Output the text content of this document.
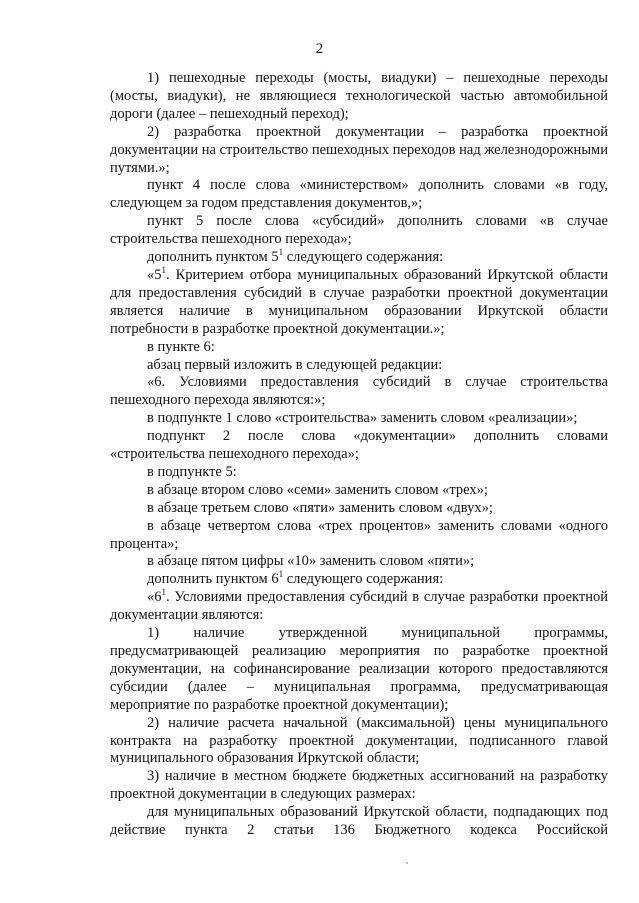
2

1) пешеходные переходы (мосты, виадуки) – пешеходные переходы (мосты, виадуки), не являющиеся технологической частью автомобильной дороги (далее – пешеходный переход);

2) разработка проектной документации – разработка проектной документации на строительство пешеходных переходов над железнодорожными путями.»;

пункт 4 после слова «министерством» дополнить словами «в году, следующем за годом представления документов,»;

пункт 5 после слова «субсидий» дополнить словами «в случае строительства пешеходного перехода»;

дополнить пунктом $5^1$ следующего содержания:

«$5^1$. Критерием отбора муниципальных образований Иркутской области для предоставления субсидий в случае разработки проектной документации является наличие в муниципальном образовании Иркутской области потребности в разработке проектной документации.»;

в пункте 6:

абзац первый изложить в следующей редакции:

«6. Условиями предоставления субсидий в случае строительства пешеходного перехода являются:»;

в подпункте 1 слово «строительства» заменить словом «реализации»;

подпункт 2 после слова «документации» дополнить словами «строительства пешеходного перехода»;

в подпункте 5:

в абзаце втором слово «семи» заменить словом «трех»;

в абзаце третьем слово «пяти» заменить словом «двух»;

в абзаце четвертом слова «трех процентов» заменить словами «одного процента»;

в абзаце пятом цифры «10» заменить словом «пяти»;

дополнить пунктом $6^1$ следующего содержания:

«$6^1$. Условиями предоставления субсидий в случае разработки проектной документации являются:

1) наличие утвержденной муниципальной программы, предусматривающей реализацию мероприятия по разработке проектной документации, на софинансирование реализации которого предоставляются субсидии (далее – муниципальная программа, предусматривающая мероприятие по разработке проектной документации);

2) наличие расчета начальной (максимальной) цены муниципального контракта на разработку проектной документации, подписанного главой муниципального образования Иркутской области;

3) наличие в местном бюджете бюджетных ассигнований на разработку проектной документации в следующих размерах:

для муниципальных образований Иркутской области, подпадающих под действие пункта 2 статьи 136 Бюджетного кодекса Российской
